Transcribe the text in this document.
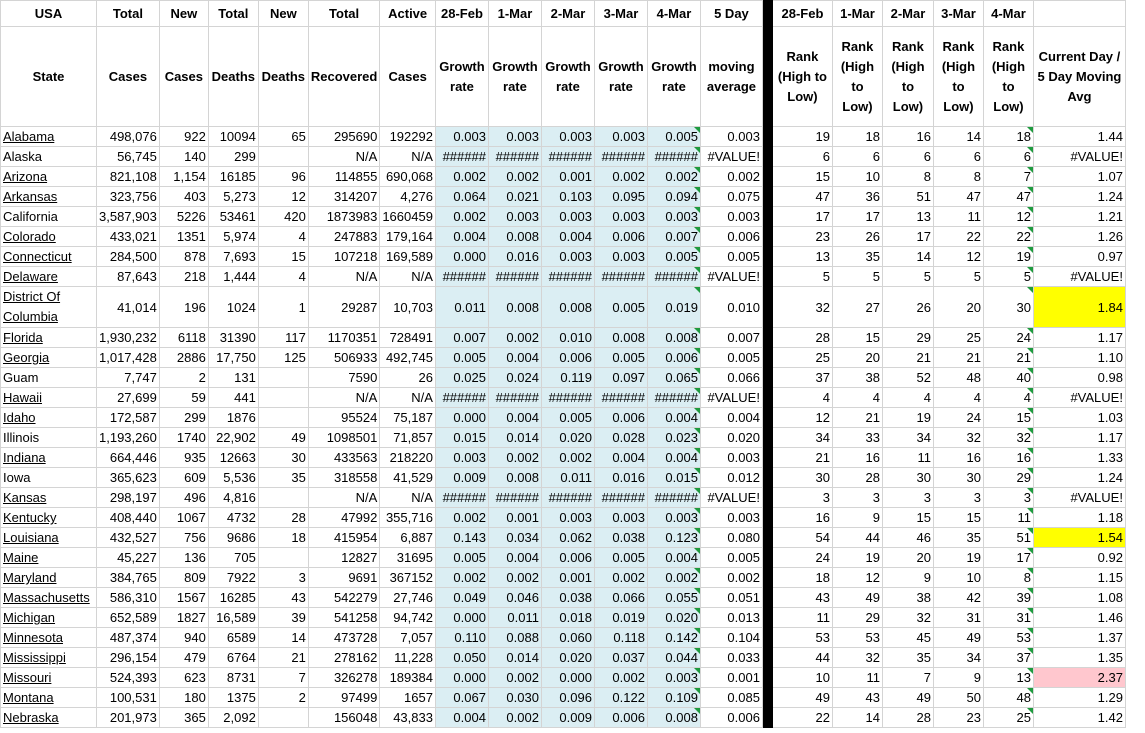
USA	Total	New	Total	New	Total	Active	28-Feb	1-Mar	2-Mar	3-Mar	4-Mar	5 Day		28-Feb	1-Mar	2-Mar	3-Mar	4-Mar	
State	Cases	Cases	Deaths	Deaths	Recovered	Cases	Growth rate	Growth rate	Growth rate	Growth rate	Growth rate	moving average		Rank (High to Low)	Rank (High to Low)	Rank (High to Low)	Rank (High to Low)	Rank (High to Low)	Current Day / 5 Day Moving Avg
Alabama	498,076	922	10094	65	295690	192292	0.003	0.003	0.003	0.003	0.005	0.003		19	18	16	14	18	1.44
Alaska	56,745	140	299		N/A	N/A	######	######	######	######	######	#VALUE!		6	6	6	6	6	#VALUE!
Arizona	821,108	1,154	16185	96	114855	690,068	0.002	0.002	0.001	0.002	0.002	0.002		15	10	8	8	7	1.07
Arkansas	323,756	403	5,273	12	314207	4,276	0.064	0.021	0.103	0.095	0.094	0.075		47	36	51	47	47	1.24
California	3,587,903	5226	53461	420	1873983	1660459	0.002	0.003	0.003	0.003	0.003	0.003		17	17	13	11	12	1.21
Colorado	433,021	1351	5,974	4	247883	179,164	0.004	0.008	0.004	0.006	0.007	0.006		23	26	17	22	22	1.26
Connecticut	284,500	878	7,693	15	107218	169,589	0.000	0.016	0.003	0.003	0.005	0.005		13	35	14	12	19	0.97
Delaware	87,643	218	1,444	4	N/A	N/A	######	######	######	######	######	#VALUE!		5	5	5	5	5	#VALUE!
District Of Columbia	41,014	196	1024	1	29287	10,703	0.011	0.008	0.008	0.005	0.019	0.010		32	27	26	20	30	1.84
Florida	1,930,232	6118	31390	117	1170351	728491	0.007	0.002	0.010	0.008	0.008	0.007		28	15	29	25	24	1.17
Georgia	1,017,428	2886	17,750	125	506933	492,745	0.005	0.004	0.006	0.005	0.006	0.005		25	20	21	21	21	1.10
Guam	7,747	2	131		7590	26	0.025	0.024	0.119	0.097	0.065	0.066		37	38	52	48	40	0.98
Hawaii	27,699	59	441		N/A	N/A	######	######	######	######	######	#VALUE!		4	4	4	4	4	#VALUE!
Idaho	172,587	299	1876		95524	75,187	0.000	0.004	0.005	0.006	0.004	0.004		12	21	19	24	15	1.03
Illinois	1,193,260	1740	22,902	49	1098501	71,857	0.015	0.014	0.020	0.028	0.023	0.020		34	33	34	32	32	1.17
Indiana	664,446	935	12663	30	433563	218220	0.003	0.002	0.002	0.004	0.004	0.003		21	16	11	16	16	1.33
Iowa	365,623	609	5,536	35	318558	41,529	0.009	0.008	0.011	0.016	0.015	0.012		30	28	30	30	29	1.24
Kansas	298,197	496	4,816		N/A	N/A	######	######	######	######	######	#VALUE!		3	3	3	3	3	#VALUE!
Kentucky	408,440	1067	4732	28	47992	355,716	0.002	0.001	0.003	0.003	0.003	0.003		16	9	15	15	11	1.18
Louisiana	432,527	756	9686	18	415954	6,887	0.143	0.034	0.062	0.038	0.123	0.080		54	44	46	35	51	1.54
Maine	45,227	136	705		12827	31695	0.005	0.004	0.006	0.005	0.004	0.005		24	19	20	19	17	0.92
Maryland	384,765	809	7922	3	9691	367152	0.002	0.002	0.001	0.002	0.002	0.002		18	12	9	10	8	1.15
Massachusetts	586,310	1567	16285	43	542279	27,746	0.049	0.046	0.038	0.066	0.055	0.051		43	49	38	42	39	1.08
Michigan	652,589	1827	16,589	39	541258	94,742	0.000	0.011	0.018	0.019	0.020	0.013		11	29	32	31	31	1.46
Minnesota	487,374	940	6589	14	473728	7,057	0.110	0.088	0.060	0.118	0.142	0.104		53	53	45	49	53	1.37
Mississippi	296,154	479	6764	21	278162	11,228	0.050	0.014	0.020	0.037	0.044	0.033		44	32	35	34	37	1.35
Missouri	524,393	623	8731	7	326278	189384	0.000	0.002	0.000	0.002	0.003	0.001		10	11	7	9	13	2.37
Montana	100,531	180	1375	2	97499	1657	0.067	0.030	0.096	0.122	0.109	0.085		49	43	49	50	48	1.29
Nebraska	201,973	365	2,092		156048	43,833	0.004	0.002	0.009	0.006	0.008	0.006		22	14	28	23	25	1.42
